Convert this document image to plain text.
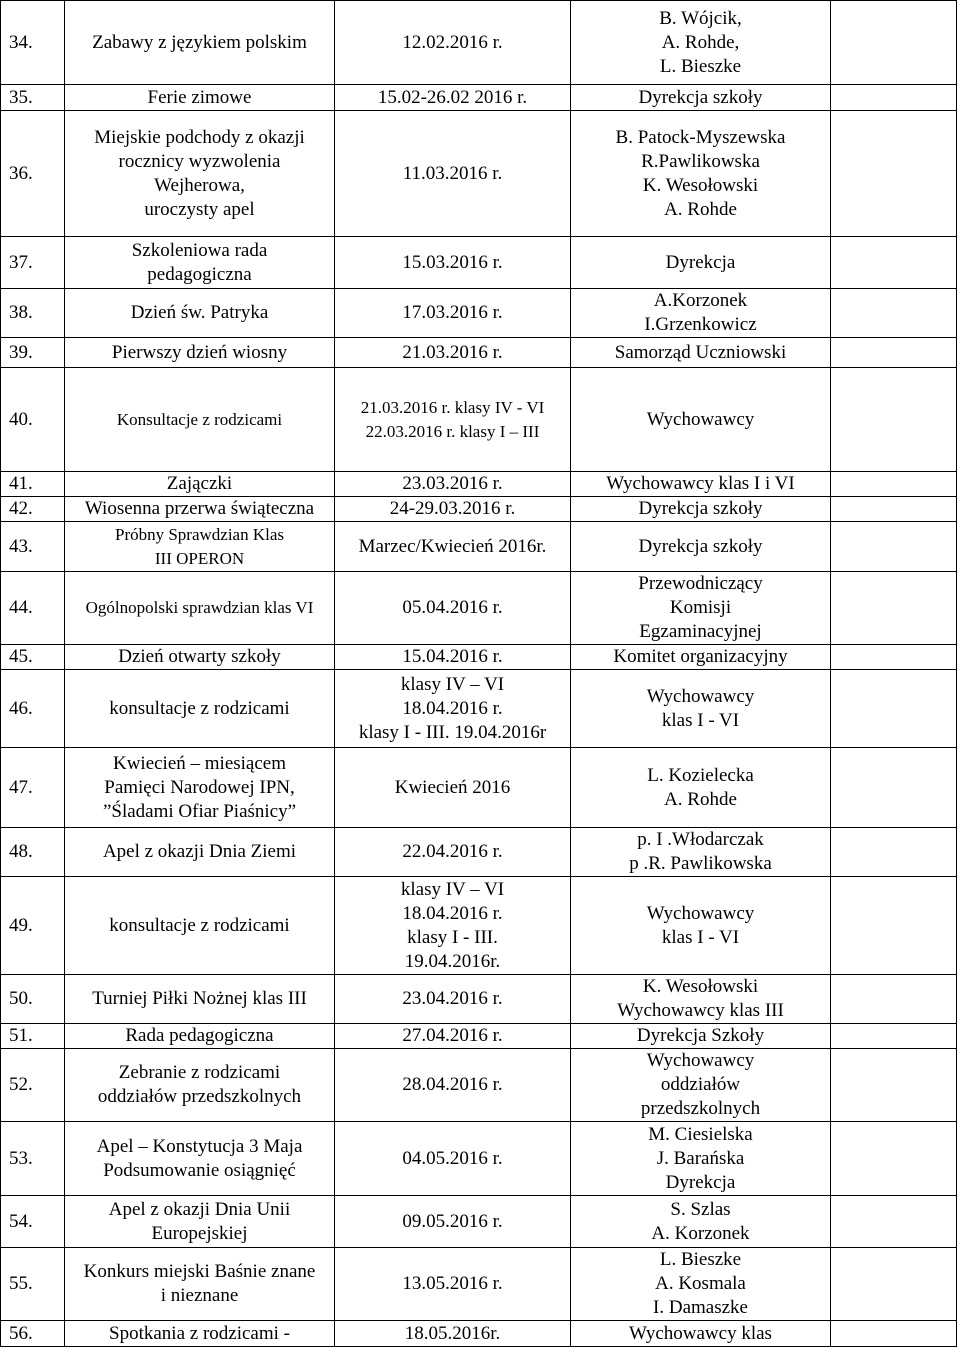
34.	Zabawy z językiem polskim	12.02.2016 r.	B. Wójcik,
A. Rohde,
L. Bieszke	
35.	Ferie zimowe	15.02-26.02 2016 r.	Dyrekcja szkoły	
36.	Miejskie podchody z okazji
rocznicy wyzwolenia
Wejherowa,
uroczysty apel	11.03.2016 r.	B. Patock-Myszewska
R.Pawlikowska
K. Wesołowski
A. Rohde	
37.	Szkoleniowa rada
pedagogiczna	15.03.2016 r.	Dyrekcja	
38.	Dzień św. Patryka	17.03.2016 r.	A.Korzonek
I.Grzenkowicz	
39.	Pierwszy dzień wiosny	21.03.2016 r.	Samorząd Uczniowski	
40.	Konsultacje z rodzicami	21.03.2016 r. klasy IV - VI
22.03.2016 r. klasy I – III	Wychowawcy	
41.	Zajączki	23.03.2016 r.	Wychowawcy klas I i VI	
42.	Wiosenna przerwa świąteczna	24-29.03.2016 r.	Dyrekcja szkoły	
43.	Próbny Sprawdzian Klas
III OPERON	Marzec/Kwiecień 2016r.	Dyrekcja szkoły	
44.	Ogólnopolski sprawdzian klas VI	05.04.2016 r.	Przewodniczący
Komisji
Egzaminacyjnej	
45.	Dzień otwarty szkoły	15.04.2016 r.	Komitet organizacyjny	
46.	konsultacje z rodzicami	klasy IV – VI
18.04.2016 r.
klasy I - III. 19.04.2016r	Wychowawcy
klas I - VI	
47.	Kwiecień – miesiącem
Pamięci Narodowej IPN,
”Śladami Ofiar Piaśnicy”	Kwiecień 2016	L. Kozielecka
A. Rohde	
48.	Apel z okazji Dnia Ziemi	22.04.2016 r.	p. I .Włodarczak
p .R. Pawlikowska	
49.	konsultacje z rodzicami	klasy IV – VI
18.04.2016 r.
klasy I - III.
19.04.2016r.	Wychowawcy
klas I - VI	
50.	Turniej Piłki Nożnej klas III	23.04.2016 r.	K. Wesołowski
Wychowawcy klas III	
51.	Rada pedagogiczna	27.04.2016 r.	Dyrekcja Szkoły	
52.	Zebranie z rodzicami
oddziałów przedszkolnych	28.04.2016 r.	Wychowawcy
oddziałów
przedszkolnych	
53.	Apel – Konstytucja 3 Maja
Podsumowanie osiągnięć	04.05.2016 r.	M. Ciesielska
J. Barańska
Dyrekcja	
54.	Apel z okazji Dnia Unii
Europejskiej	09.05.2016 r.	S. Szlas
A. Korzonek	
55.	Konkurs miejski Baśnie znane
i nieznane	13.05.2016 r.	L. Bieszke
A. Kosmala
I. Damaszke	
56.	Spotkania z rodzicami -	18.05.2016r.	Wychowawcy klas	
